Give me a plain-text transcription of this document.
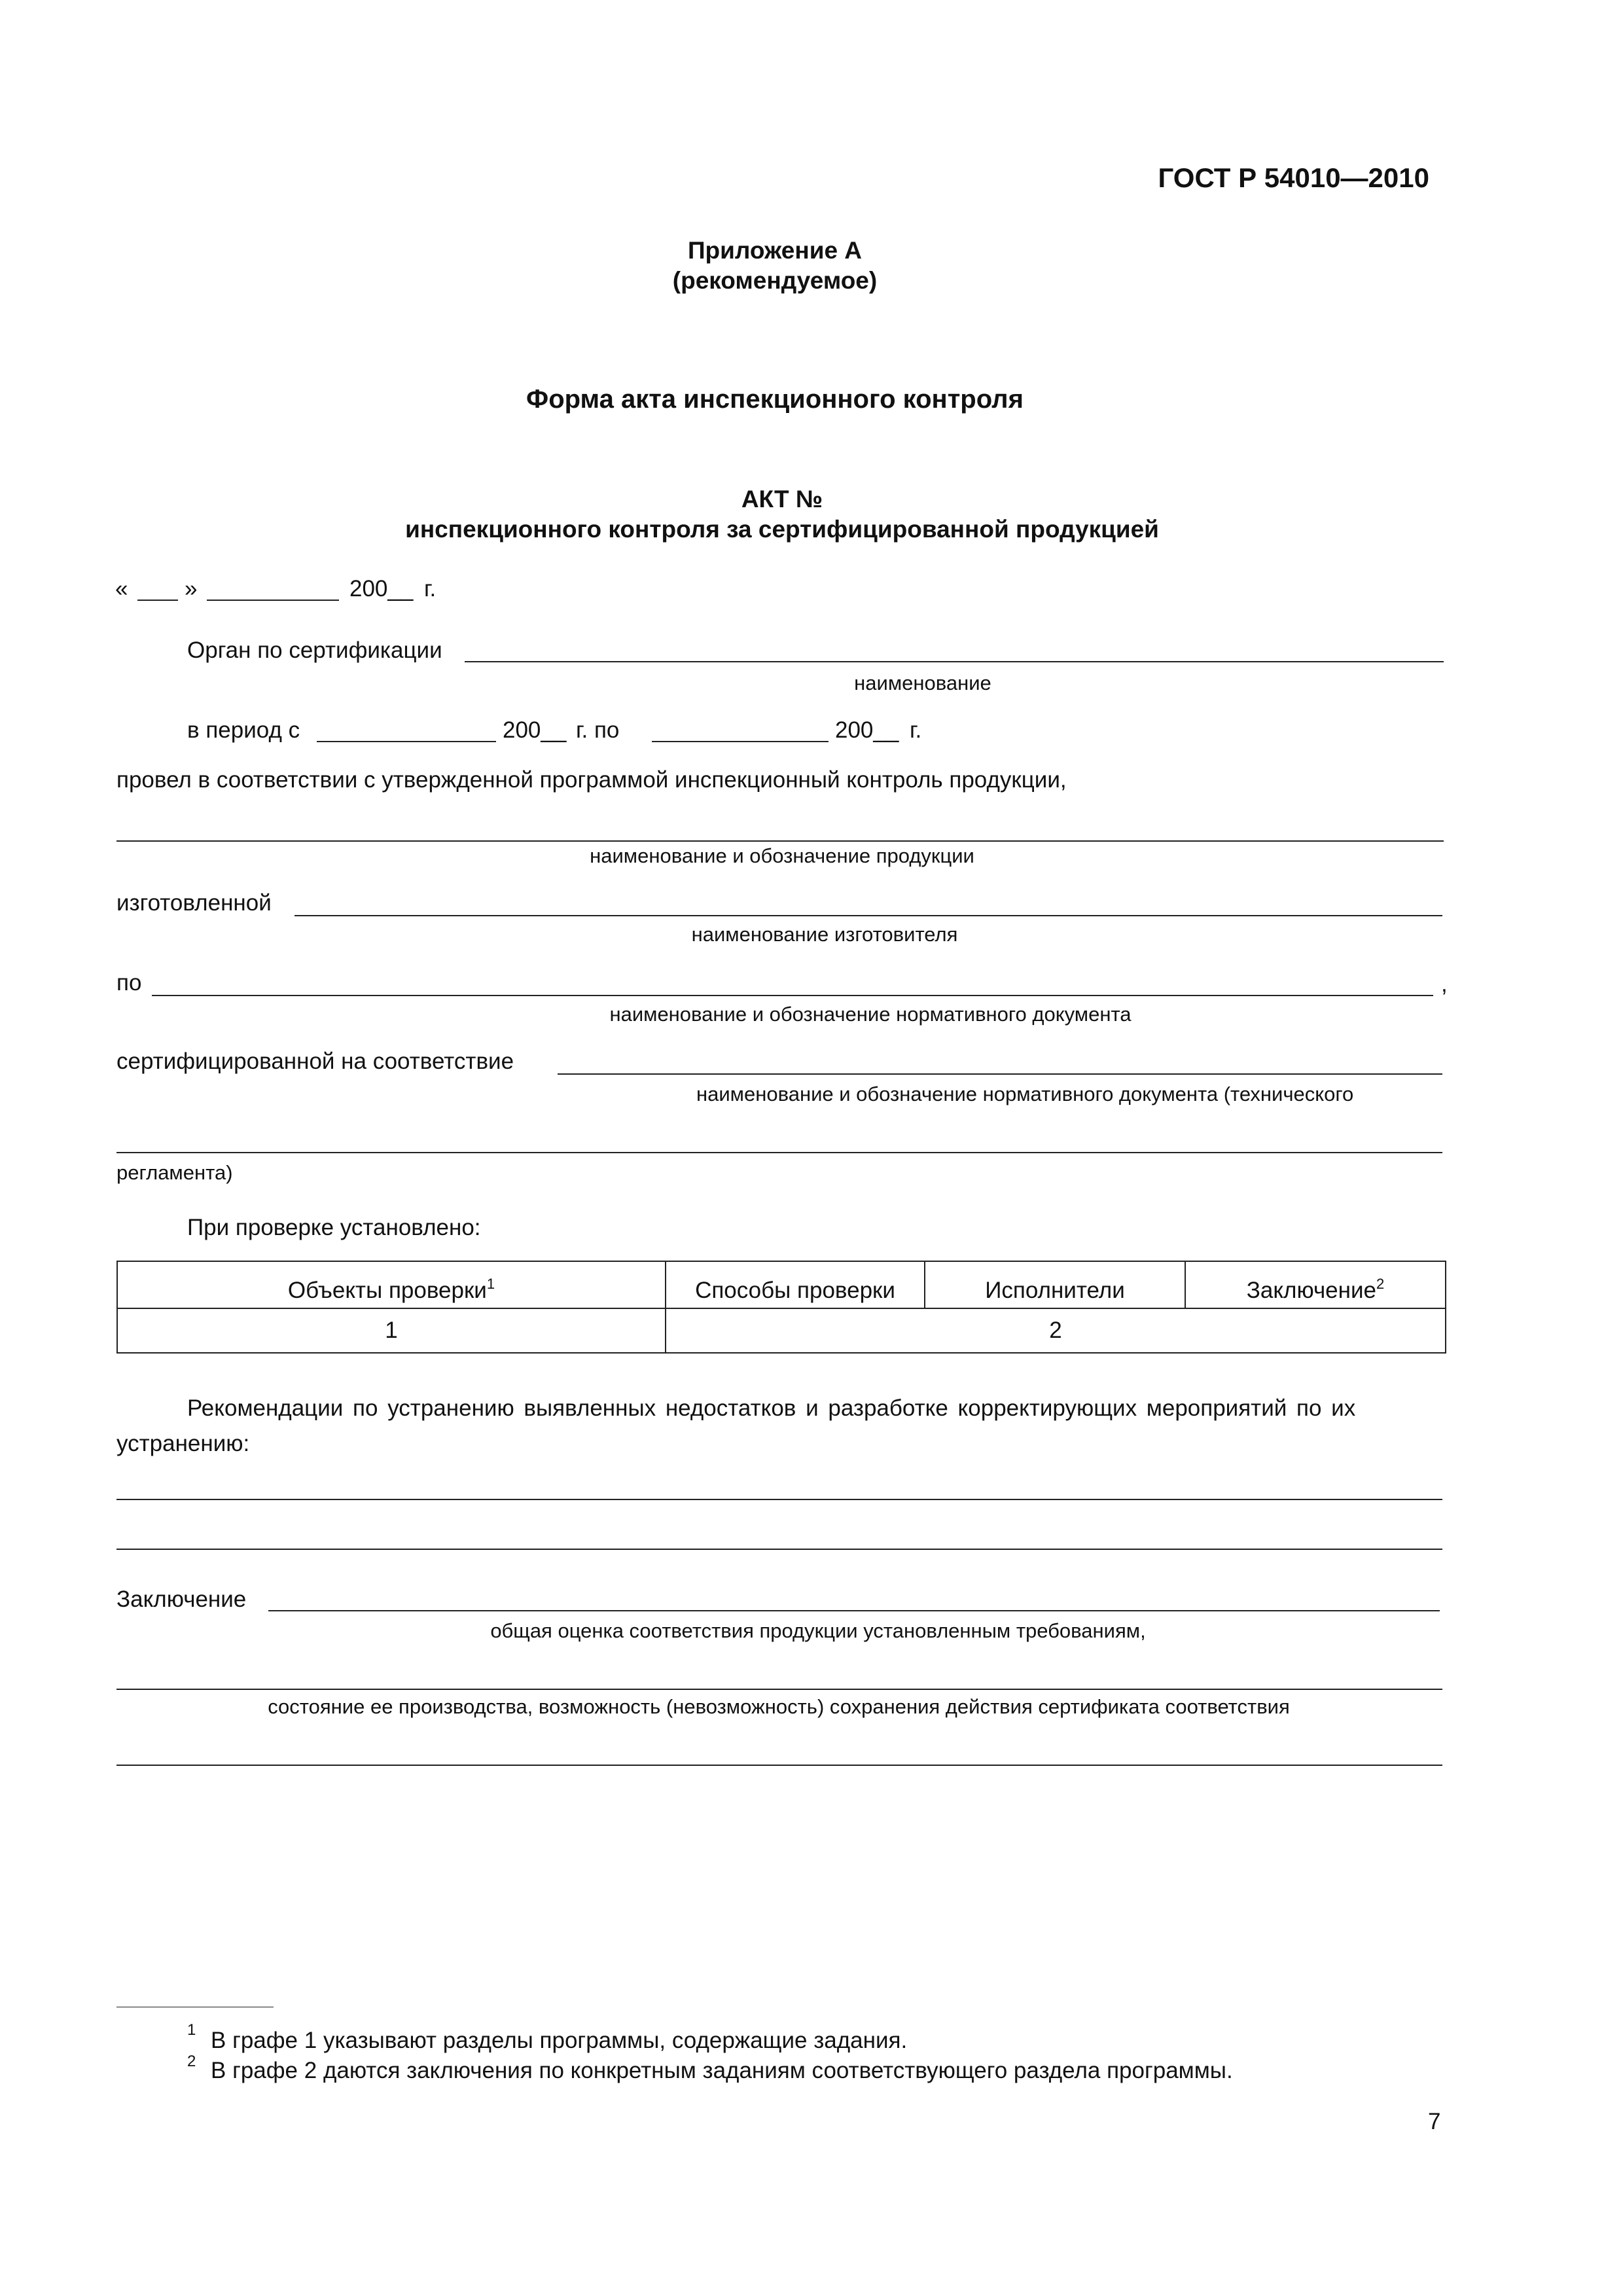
ГОСТ Р 54010—2010
Приложение А
(рекомендуемое)
Форма акта инспекционного контроля
АКТ №
инспекционного контроля за сертифицированной продукцией
« »	200__ г.
Орган по сертификации
наименование
в период с	200__ г. по	200__ г.
провел в соответствии с утвержденной программой инспекционный контроль продукции,
наименование и обозначение продукции
изготовленной
наименование изготовителя
по	,
наименование и обозначение нормативного документа
сертифицированной на соответствие
наименование и обозначение нормативного документа (технического
регламента)
При проверке установлено:
Объекты проверки$^1$	Способы проверки	Исполнители	Заключение$^2$
1	2		
Рекомендации по устранению выявленных недостатков и разработке корректирующих мероприятий по их
устранению:
Заключение
общая оценка соответствия продукции установленным требованиям,
состояние ее производства, возможность (невозможность) сохранения действия сертификата соответствия
1 В графе 1 указывают разделы программы, содержащие задания.
2 В графе 2 даются заключения по конкретным заданиям соответствующего раздела программы.
7
